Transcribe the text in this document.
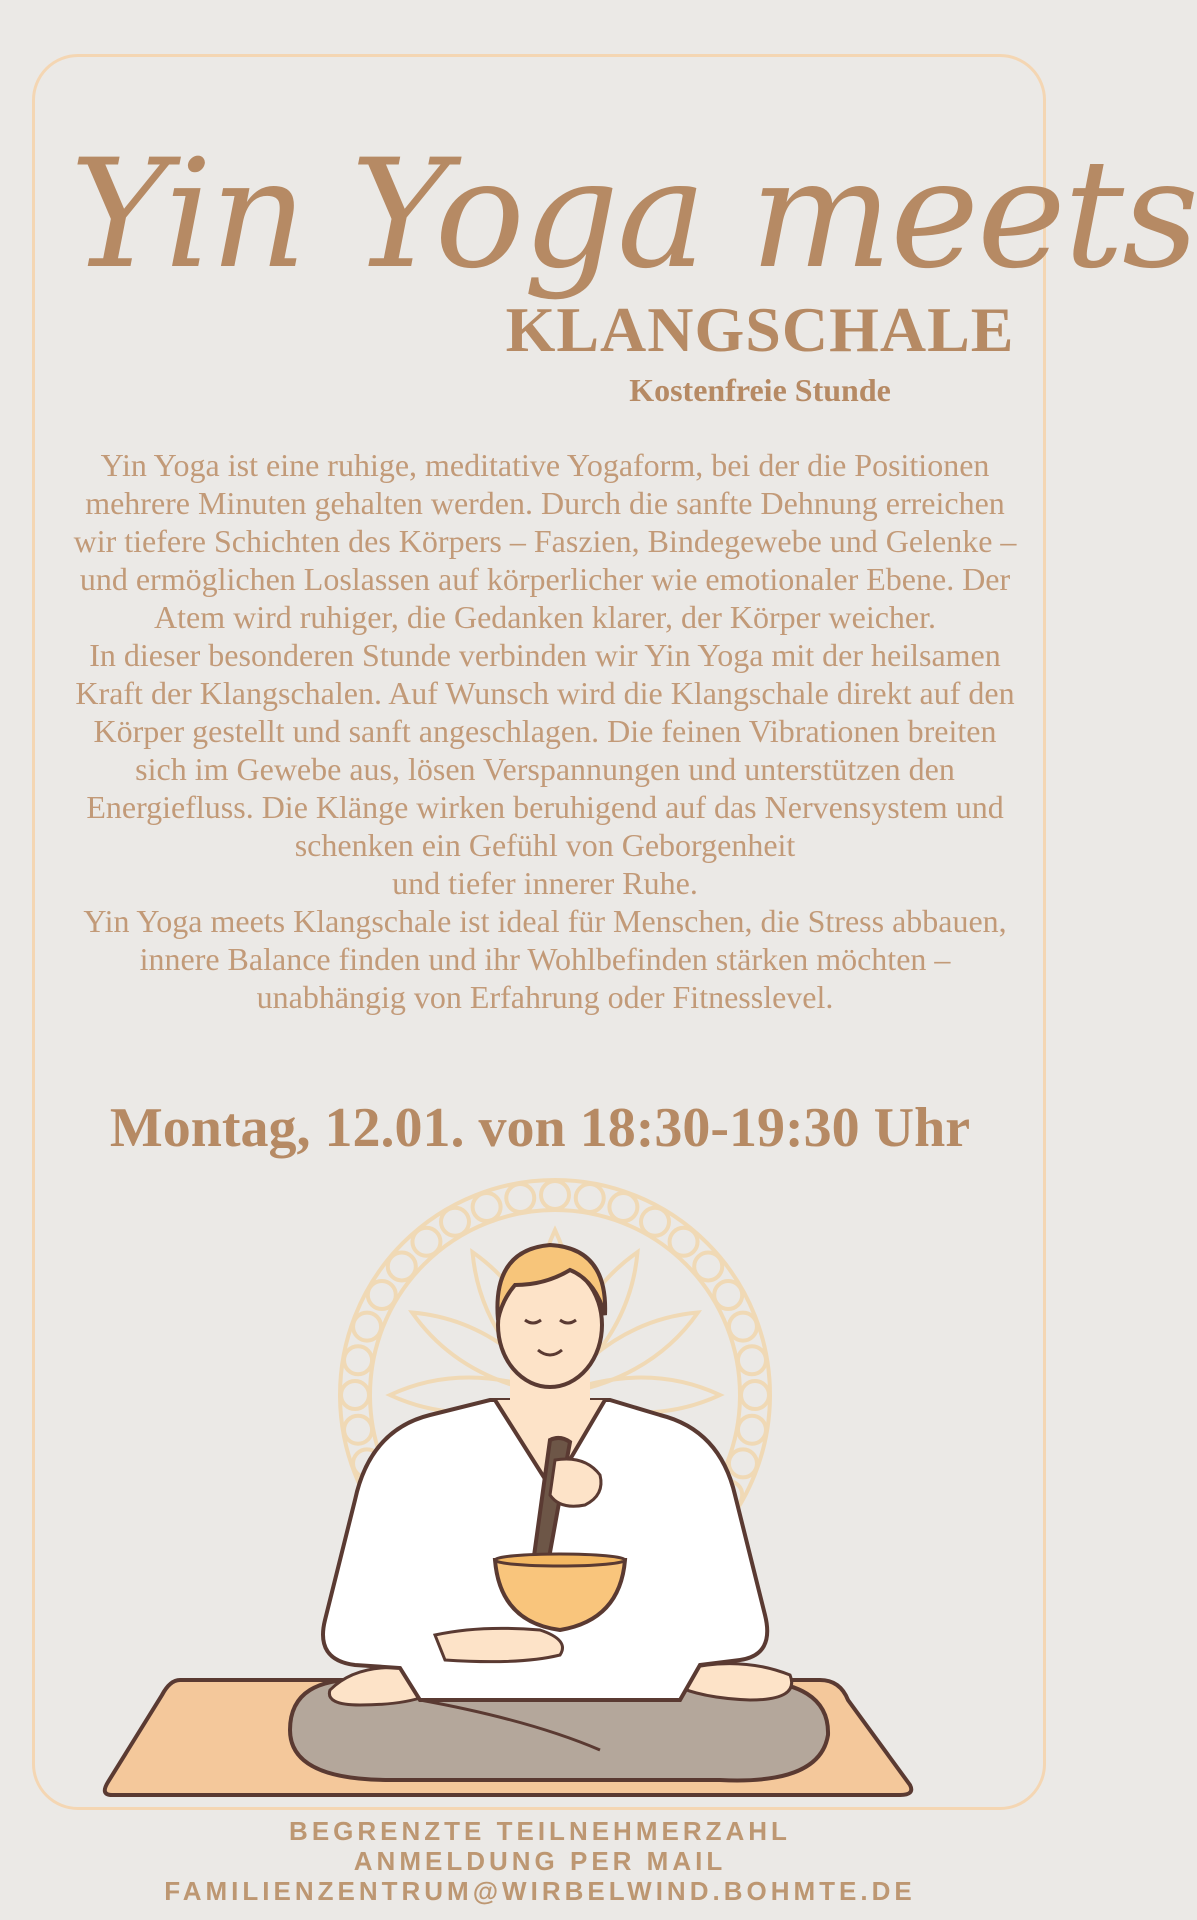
Yin Yoga meets
KLANGSCHALE
Kostenfreie Stunde

Yin Yoga ist eine ruhige, meditative Yogaform, bei der die Positionen mehrere Minuten gehalten werden. Durch die sanfte Dehnung erreichen wir tiefere Schichten des Körpers – Faszien, Bindegewebe und Gelenke – und ermöglichen Loslassen auf körperlicher wie emotionaler Ebene. Der Atem wird ruhiger, die Gedanken klarer, der Körper weicher.

In dieser besonderen Stunde verbinden wir Yin Yoga mit der heilsamen Kraft der Klangschalen. Auf Wunsch wird die Klangschale direkt auf den Körper gestellt und sanft angeschlagen. Die feinen Vibrationen breiten sich im Gewebe aus, lösen Verspannungen und unterstützen den Energiefluss. Die Klänge wirken beruhigend auf das Nervensystem und schenken ein Gefühl von Geborgenheit

und tiefer innerer Ruhe.

Yin Yoga meets Klangschale ist ideal für Menschen, die Stress abbauen, innere Balance finden und ihr Wohlbefinden stärken möchten – unabhängig von Erfahrung oder Fitnesslevel.

Montag, 12.01. von 18:30-19:30 Uhr
BEGRENZTE TEILNEHMERZAHL
ANMELDUNG PER MAIL
FAMILIENZENTRUM@WIRBELWIND.BOHMTE.DE
